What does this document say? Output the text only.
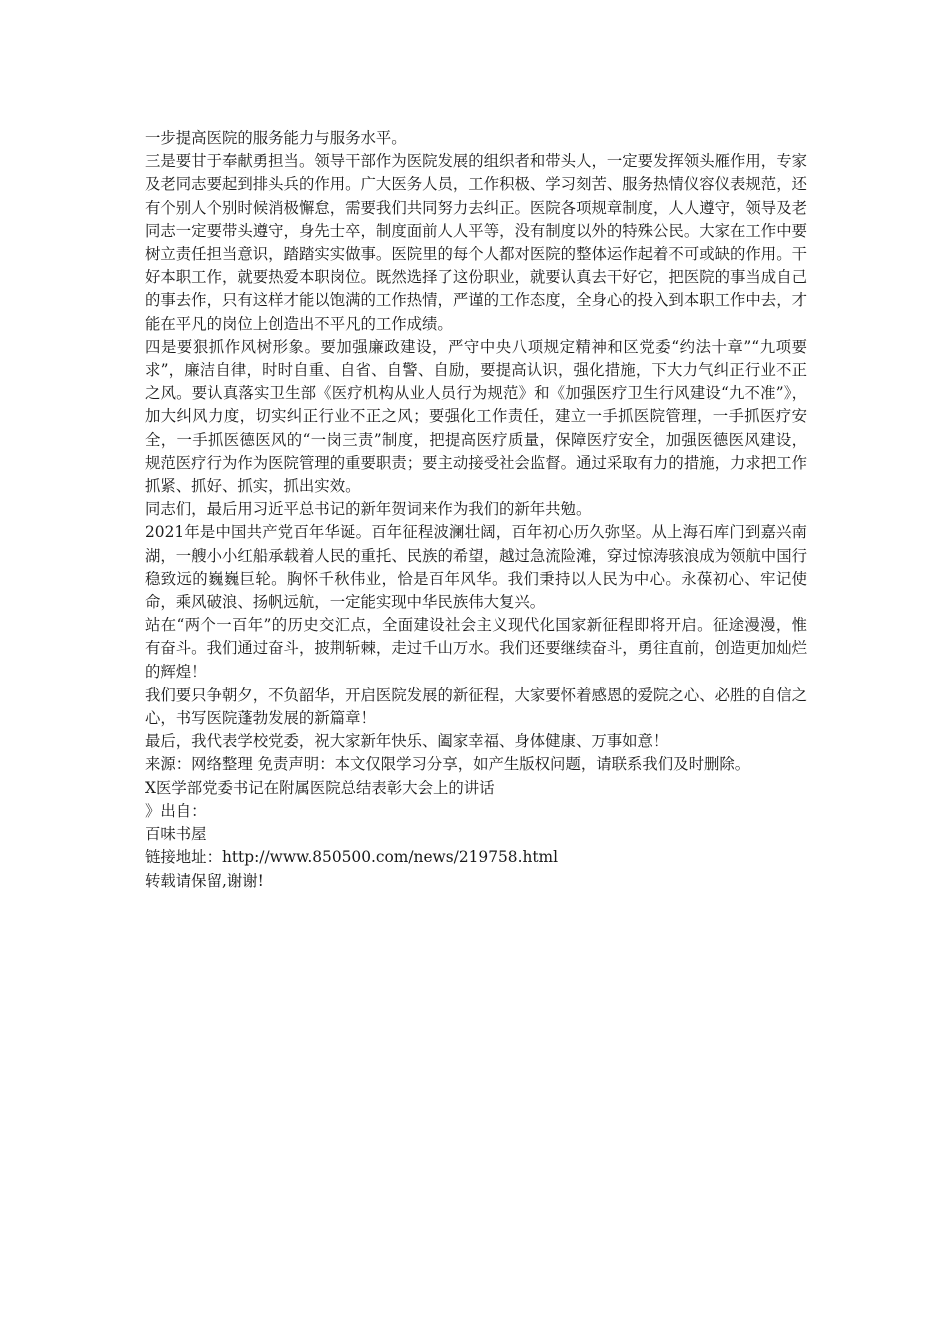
一步提高医院的服务能力与服务水平。

三是要甘于奉献勇担当。领导干部作为医院发展的组织者和带头人，一定要发挥领头雁作用，专家及老同志要起到排头兵的作用。广大医务人员，工作积极、学习刻苦、服务热情仪容仪表规范，还有个别人个别时候消极懈怠，需要我们共同努力去纠正。医院各项规章制度，人人遵守，领导及老同志一定要带头遵守，身先士卒，制度面前人人平等，没有制度以外的特殊公民。大家在工作中要树立责任担当意识，踏踏实实做事。医院里的每个人都对医院的整体运作起着不可或缺的作用。干好本职工作，就要热爱本职岗位。既然选择了这份职业，就要认真去干好它，把医院的事当成自己的事去作，只有这样才能以饱满的工作热情，严谨的工作态度，全身心的投入到本职工作中去，才能在平凡的岗位上创造出不平凡的工作成绩。

四是要狠抓作风树形象。要加强廉政建设，严守中央八项规定精神和区党委“约法十章”“九项要求”，廉洁自律，时时自重、自省、自警、自励，要提高认识，强化措施，下大力气纠正行业不正之风。要认真落实卫生部《医疗机构从业人员行为规范》和《加强医疗卫生行风建设“九不准”》，加大纠风力度，切实纠正行业不正之风；要强化工作责任，建立一手抓医院管理，一手抓医疗安全，一手抓医德医风的“一岗三责”制度，把提高医疗质量，保障医疗安全，加强医德医风建设，规范医疗行为作为医院管理的重要职责；要主动接受社会监督。通过采取有力的措施，力求把工作抓紧、抓好、抓实，抓出实效。

同志们，最后用习近平总书记的新年贺词来作为我们的新年共勉。

2021年是中国共产党百年华诞。百年征程波澜壮阔，百年初心历久弥坚。从上海石库门到嘉兴南湖，一艘小小红船承载着人民的重托、民族的希望，越过急流险滩，穿过惊涛骇浪成为领航中国行稳致远的巍巍巨轮。胸怀千秋伟业，恰是百年风华。我们秉持以人民为中心。永葆初心、牢记使命，乘风破浪、扬帆远航，一定能实现中华民族伟大复兴。

站在“两个一百年”的历史交汇点，全面建设社会主义现代化国家新征程即将开启。征途漫漫，惟有奋斗。我们通过奋斗，披荆斩棘，走过千山万水。我们还要继续奋斗，勇往直前，创造更加灿烂的辉煌！

我们要只争朝夕，不负韶华，开启医院发展的新征程，大家要怀着感恩的爱院之心、必胜的自信之心，书写医院蓬勃发展的新篇章！

最后，我代表学校党委，祝大家新年快乐、阖家幸福、身体健康、万事如意！

来源：网络整理 免责声明：本文仅限学习分享，如产生版权问题，请联系我们及时删除。

X医学部党委书记在附属医院总结表彰大会上的讲话

》出自：

百味书屋

链接地址：http://www.850500.com/news/219758.html

转载请保留,谢谢!
